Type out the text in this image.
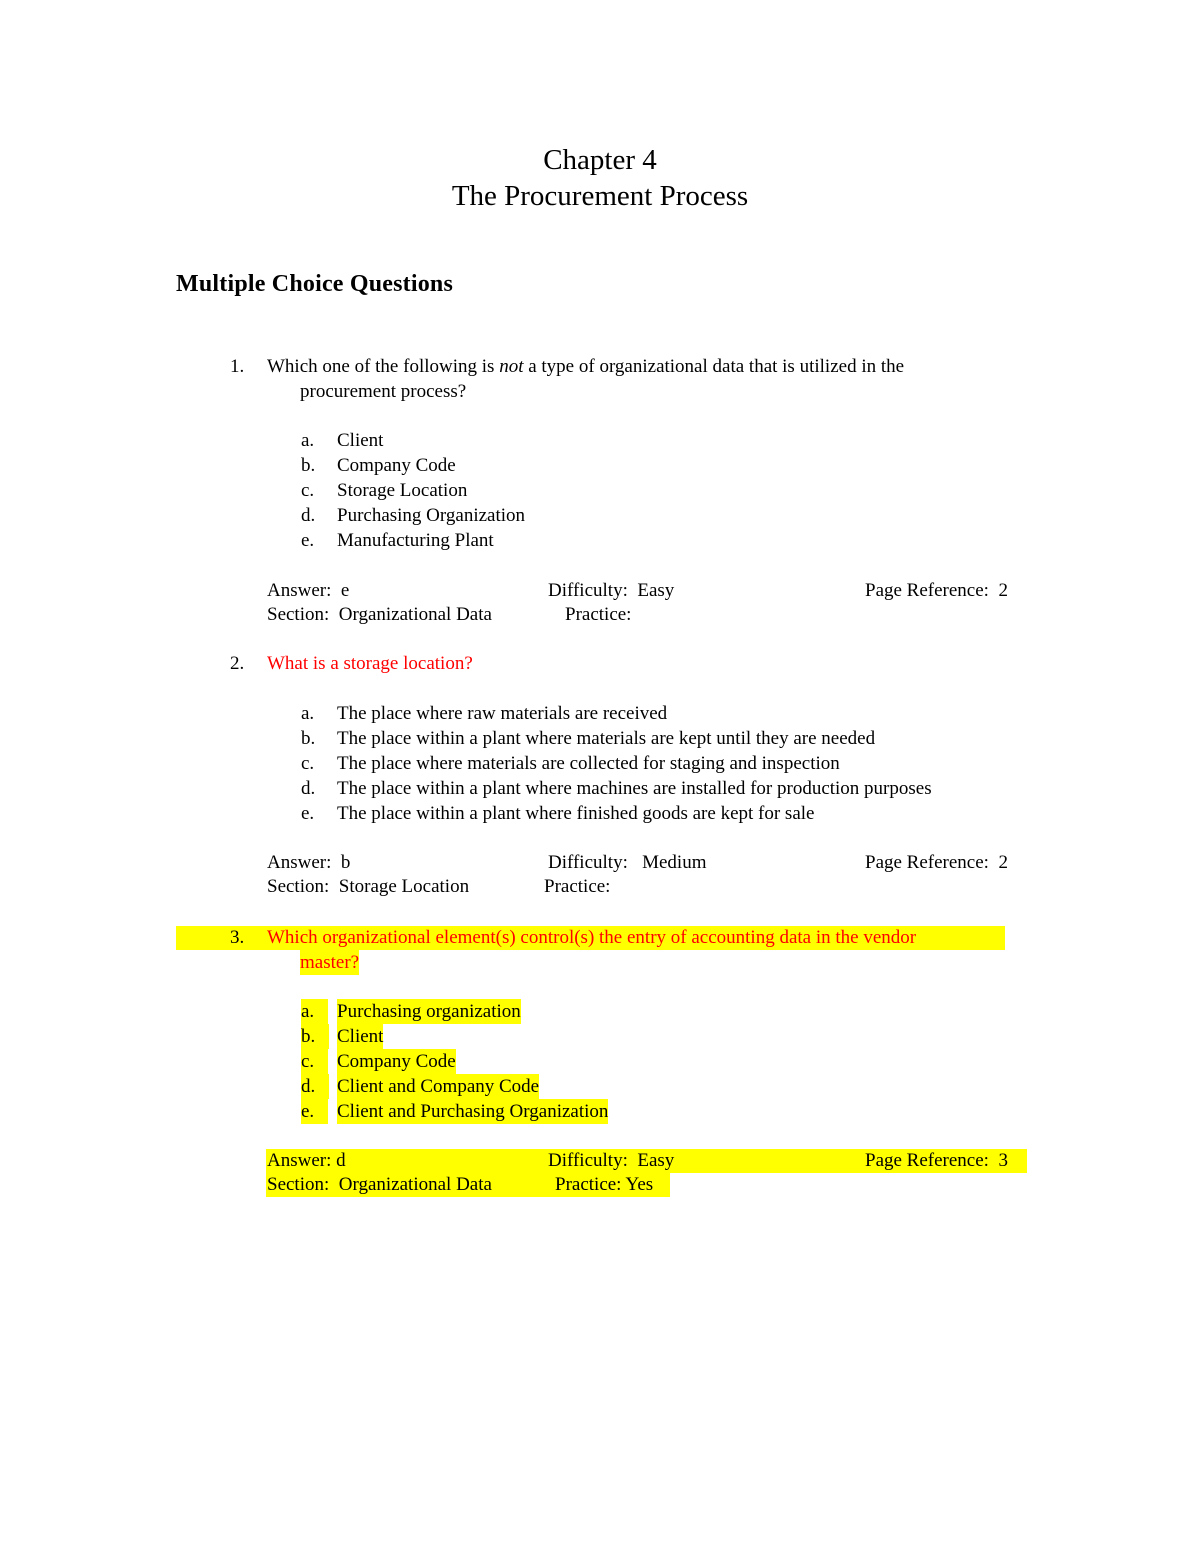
Chapter 4
The Procurement Process
Multiple Choice Questions
1.	Which one of the following is not a type of organizational data that is utilized in the
procurement process?
a. Client
b. Company Code
c. Storage Location
d. Purchasing Organization
e. Manufacturing Plant
Answer:  e	Difficulty:  Easy	Page Reference:  2
Section:  Organizational Data	Practice:
2.	What is a storage location?
a. The place where raw materials are received
b. The place within a plant where materials are kept until they are needed
c. The place where materials are collected for staging and inspection
d. The place within a plant where machines are installed for production purposes
e. The place within a plant where finished goods are kept for sale
Answer:  b	Difficulty:   Medium	Page Reference:  2
Section:  Storage Location	Practice:
3.	Which organizational element(s) control(s) the entry of accounting data in the vendor
master?
a.	Purchasing organization
b.	Client
c.	Company Code
d.	Client and Company Code
e.	Client and Purchasing Organization
Answer: d	Difficulty:  Easy	Page Reference:  3
Section:  Organizational Data	Practice: Yes
